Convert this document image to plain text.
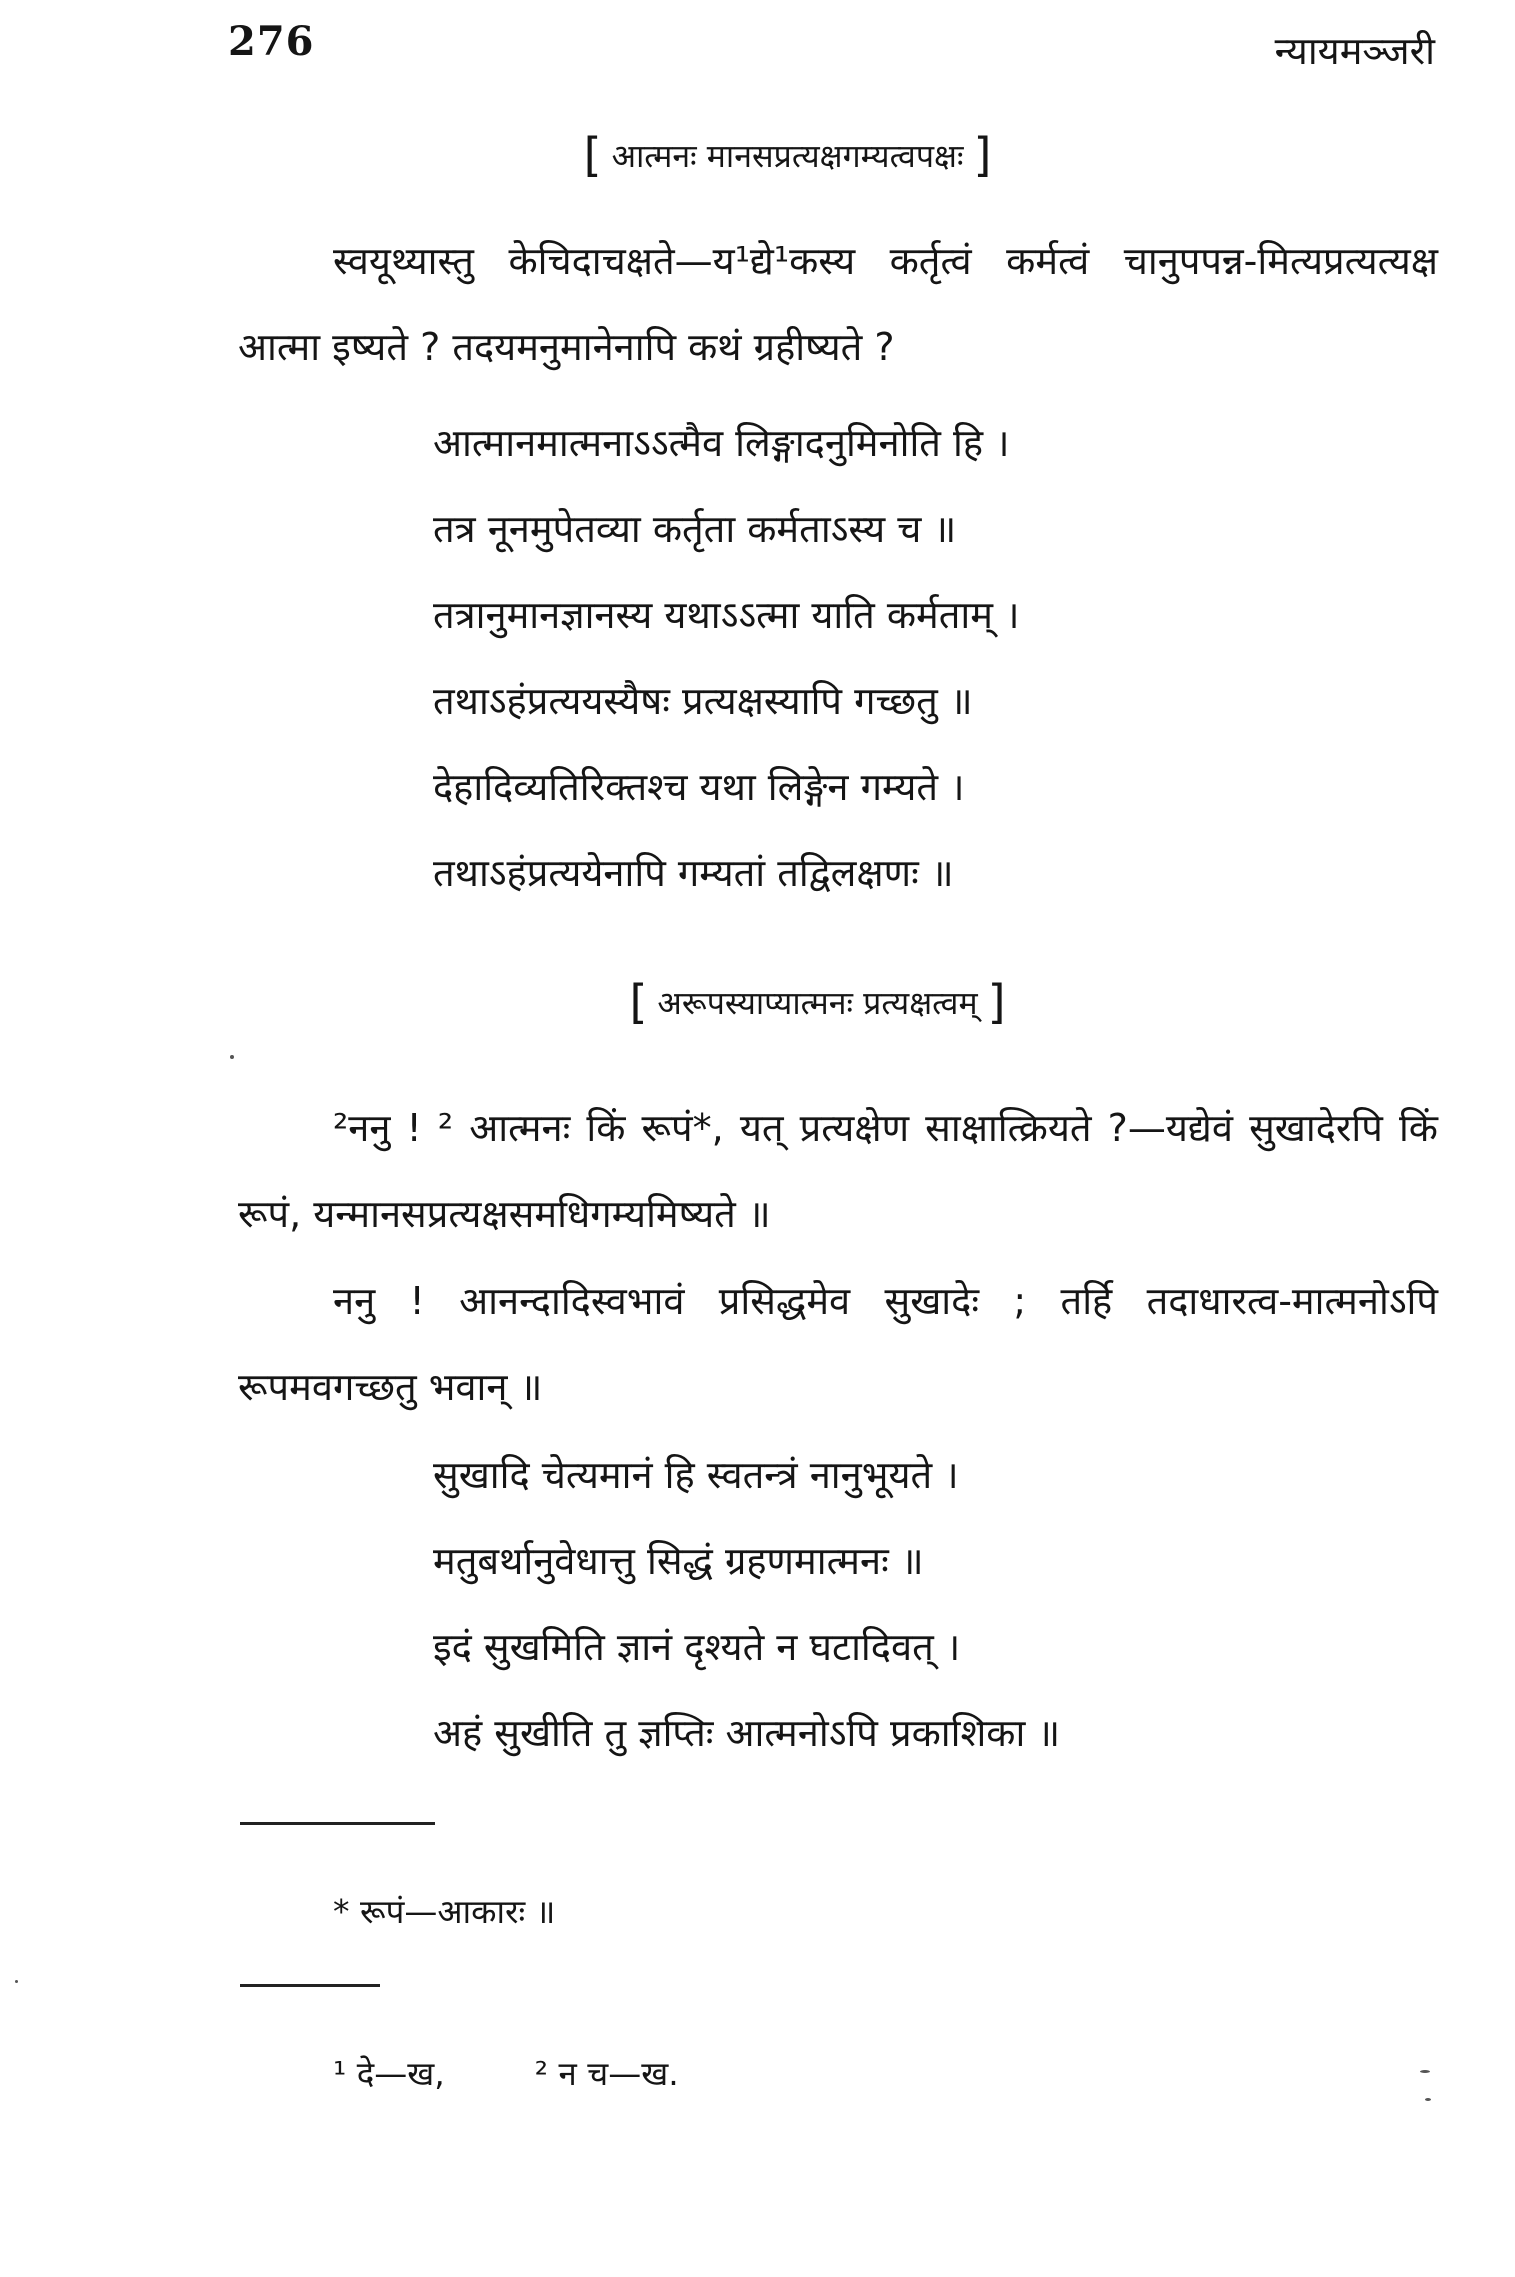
276	न्यायमञ्जरी
[ आत्मनः मानसप्रत्यक्षगम्यत्वपक्षः ]
स्वयूथ्यास्तु केचिदाचक्षते—य¹द्ये¹कस्य कर्तृत्वं कर्मत्वं चानुपपन्न-मित्यप्रत्यत्यक्ष आत्मा इष्यते ? तदयमनुमानेनापि कथं ग्रहीष्यते ?
आत्मानमात्मनाऽऽत्मैव लिङ्गादनुमिनोति हि ।
तत्र नूनमुपेतव्या कर्तृता कर्मताऽस्य च ॥
तत्रानुमानज्ञानस्य यथाऽऽत्मा याति कर्मताम् ।
तथाऽहंप्रत्ययस्यैषः प्रत्यक्षस्यापि गच्छतु ॥
देहादिव्यतिरिक्तश्च यथा लिङ्गेन गम्यते ।
तथाऽहंप्रत्ययेनापि गम्यतां तद्विलक्षणः ॥
[ अरूपस्याप्यात्मनः प्रत्यक्षत्वम् ]
²ननु ! ² आत्मनः किं रूपं*, यत् प्रत्यक्षेण साक्षात्क्रियते ?—यद्येवं सुखादेरपि किं रूपं, यन्मानसप्रत्यक्षसमधिगम्यमिष्यते ॥
ननु ! आनन्दादिस्वभावं प्रसिद्धमेव सुखादेः ; तर्हि तदाधारत्व-मात्मनोऽपि रूपमवगच्छतु भवान् ॥
सुखादि चेत्यमानं हि स्वतन्त्रं नानुभूयते ।
मतुबर्थानुवेधात्तु सिद्धं ग्रहणमात्मनः ॥
इदं सुखमिति ज्ञानं दृश्यते न घटादिवत् ।
अहं सुखीति तु ज्ञप्तिः आत्मनोऽपि प्रकाशिका ॥
* रूपं—आकारः ॥
¹ दे—ख,	² न च—ख.
